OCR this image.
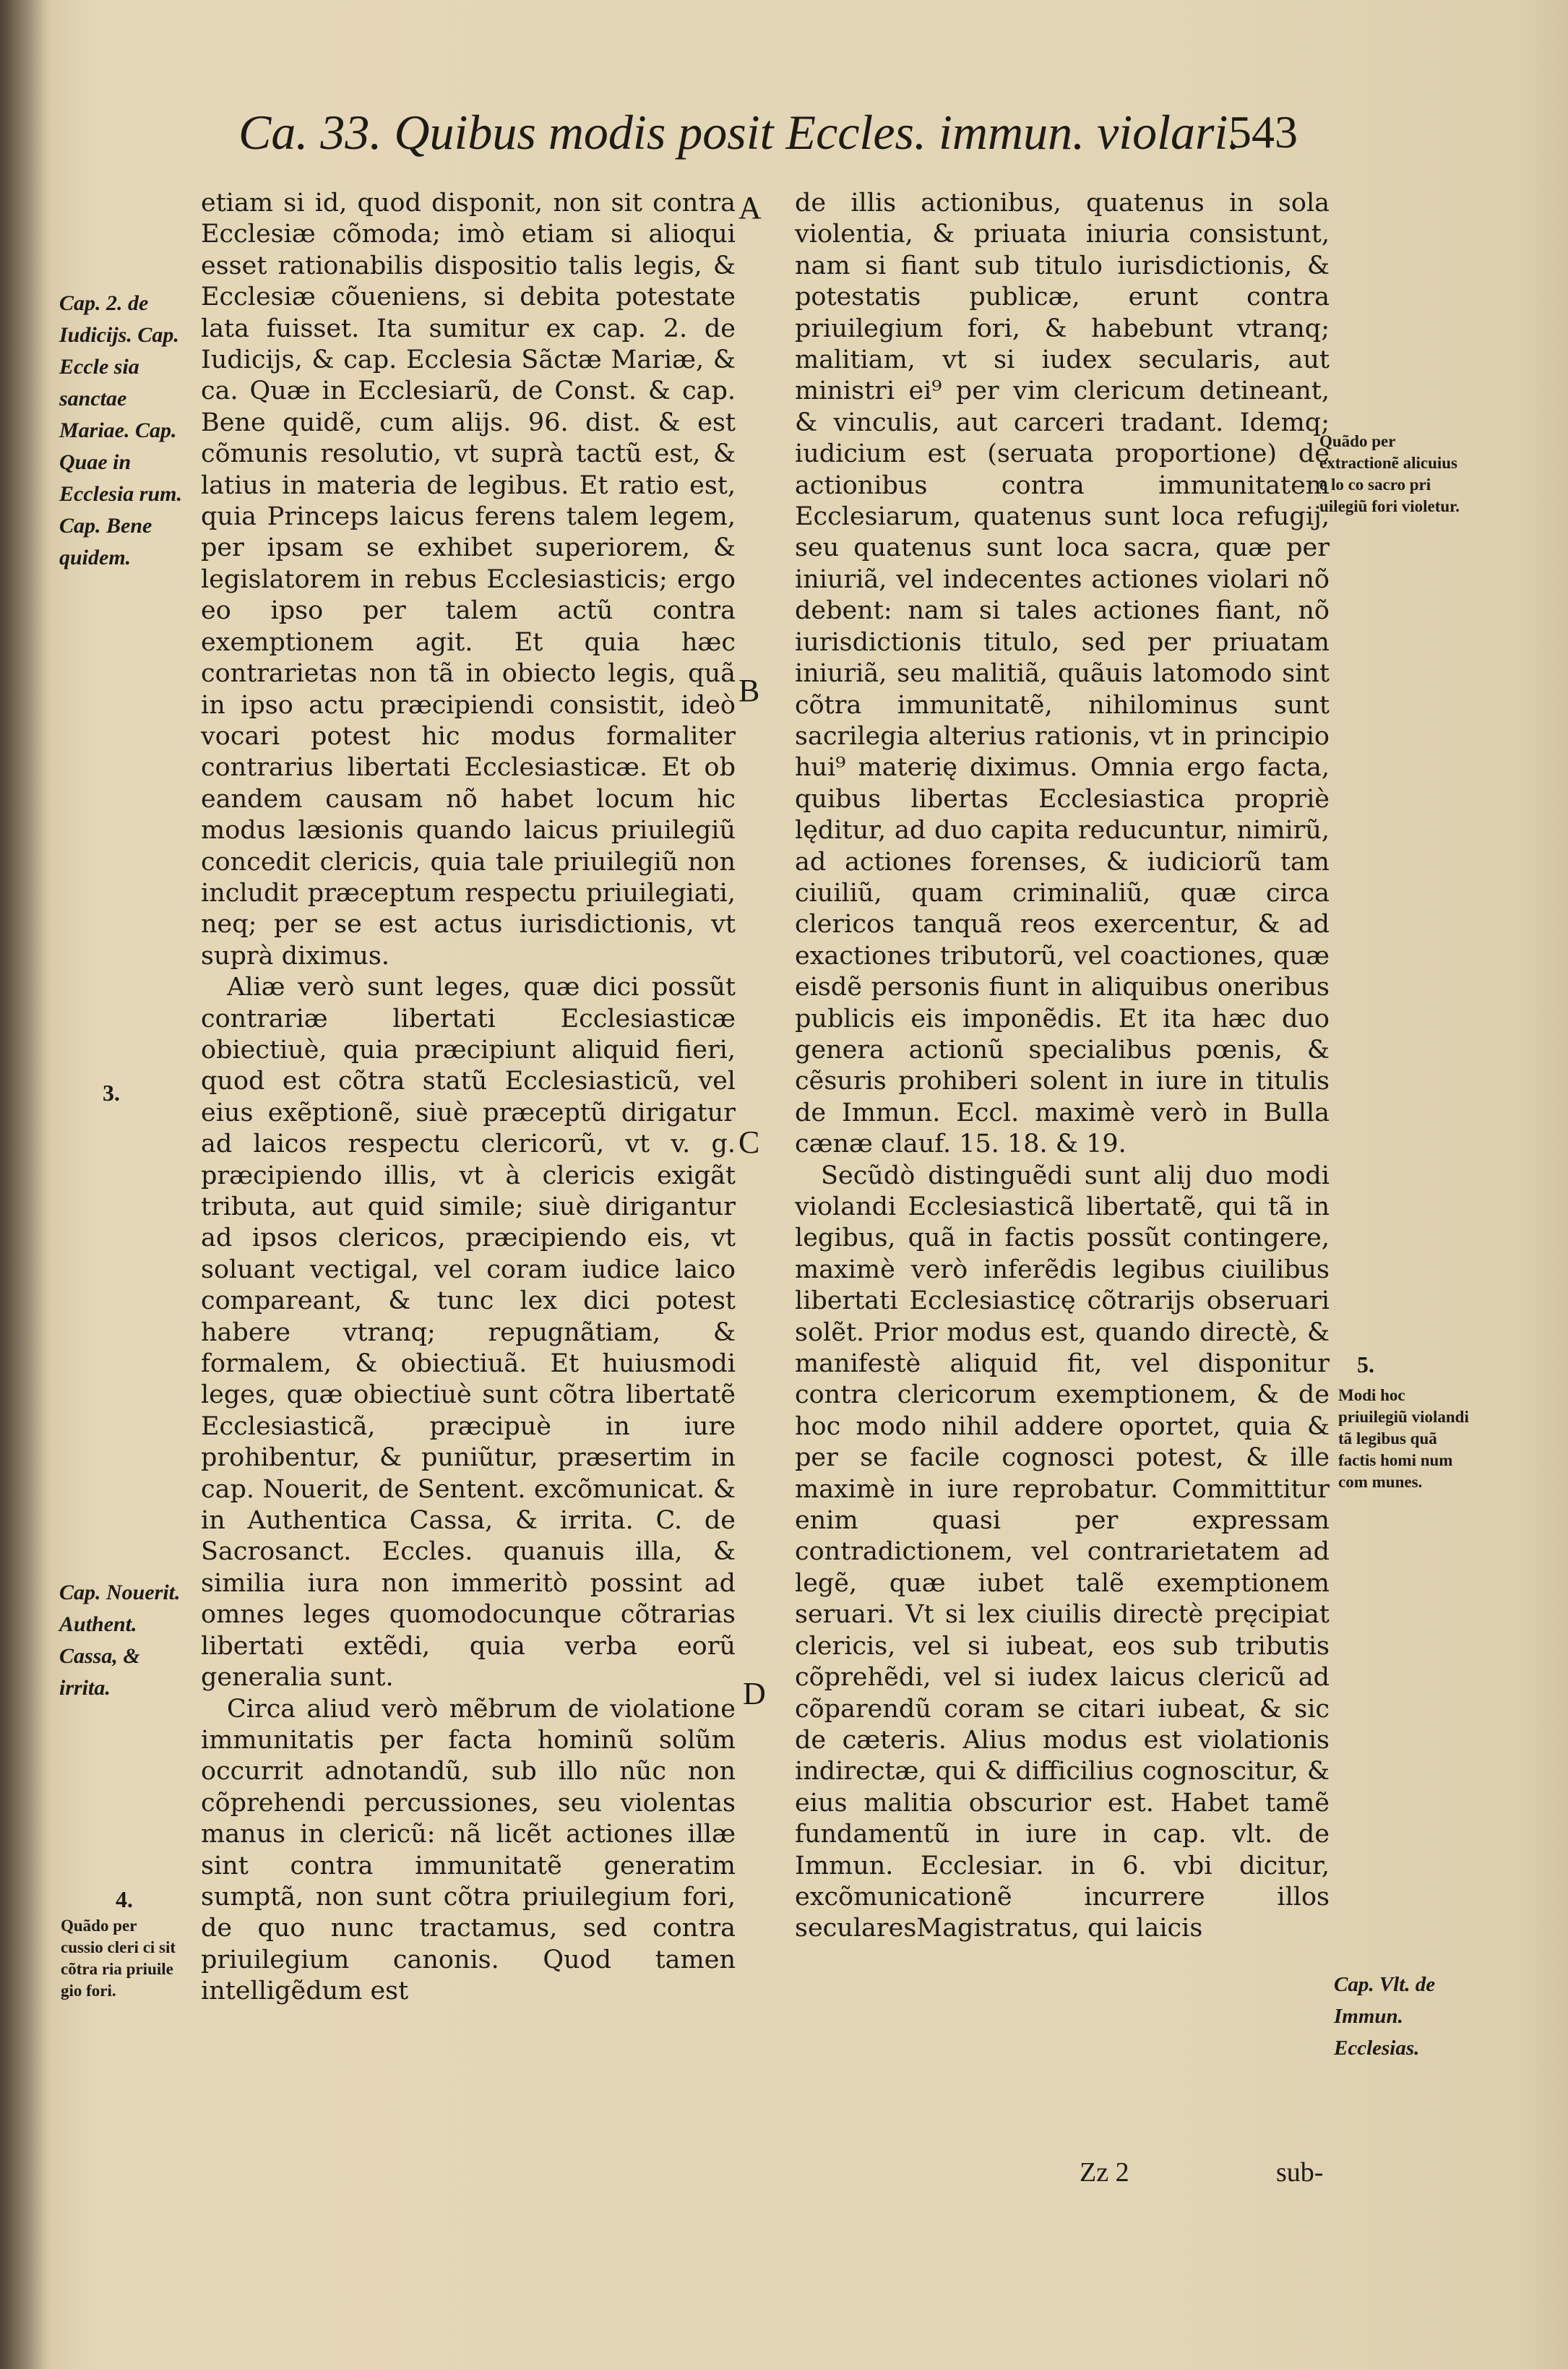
Ca. 33. Quibus modis posit Eccles. immun. violari.
543
A
B
C
D
Cap. 2. de Iudicijs. Cap. Eccle sia sanctae Mariae. Cap. Quae in Ecclesia rum. Cap. Bene quidem.
3.
Cap. Nouerit. Authent. Cassa, & irrita.
4.
Quãdo per cussio cleri ci sit cõtra ria priuile gio fori.

etiam si id, quod disponit, non sit contra Ecclesiæ cõmoda; imò etiam si alioqui esset rationabilis dispositio talis legis, & Ecclesiæ cõueniens, si debita potestate lata fuisset. Ita sumitur ex cap. 2. de Iudicijs, & cap. Ecclesia Sãctæ Mariæ, & ca. Quæ in Ecclesiarũ, de Const. & cap. Bene quidẽ, cum alijs. 96. dist. & est cõmunis resolutio, vt suprà tactũ est, & latius in materia de legibus. Et ratio est, quia Princeps laicus ferens talem legem, per ipsam se exhibet superiorem, & legislatorem in rebus Ecclesiasticis; ergo eo ipso per talem actũ contra exemptionem agit. Et quia hæc contrarietas non tã in obiecto legis, quã in ipso actu præcipiendi consistit, ideò vocari potest hic modus formaliter contrarius libertati Ecclesiasticæ. Et ob eandem causam nõ habet locum hic modus læsionis quando laicus priuilegiũ concedit clericis, quia tale priuilegiũ non includit præceptum respectu priuilegiati, neq; per se est actus iurisdictionis, vt suprà diximus.

Aliæ verò sunt leges, quæ dici possũt contrariæ libertati Ecclesiasticæ obiectiuè, quia præcipiunt aliquid fieri, quod est cõtra statũ Ecclesiasticũ, vel eius exẽptionẽ, siuè præceptũ dirigatur ad laicos respectu clericorũ, vt v. g. præcipiendo illis, vt à clericis exigãt tributa, aut quid simile; siuè dirigantur ad ipsos clericos, præcipiendo eis, vt soluant vectigal, vel coram iudice laico compareant, & tunc lex dici potest habere vtranq; repugnãtiam, & formalem, & obiectiuã. Et huiusmodi leges, quæ obiectiuè sunt cõtra libertatẽ Ecclesiasticã, præcipuè in iure prohibentur, & puniũtur, præsertim in cap. Nouerit, de Sentent. excõmunicat. & in Authentica Cassa, & irrita. C. de Sacrosanct. Eccles. quanuis illa, & similia iura non immeritò possint ad omnes leges quomodocunque cõtrarias libertati extẽdi, quia verba eorũ generalia sunt.

Circa aliud verò mẽbrum de violatione immunitatis per facta hominũ solũm occurrit adnotandũ, sub illo nũc non cõprehendi percussiones, seu violentas manus in clericũ: nã licẽt actiones illæ sint contra immunitatẽ generatim sumptã, non sunt cõtra priuilegium fori, de quo nunc tractamus, sed contra priuilegium canonis. Quod tamen intelligẽdum est

de illis actionibus, quatenus in sola violentia, & priuata iniuria consistunt, nam si fiant sub titulo iurisdictionis, & potestatis publicæ, erunt contra priuilegium fori, & habebunt vtranq; malitiam, vt si iudex secularis, aut ministri ei⁹ per vim clericum detineant, & vinculis, aut carceri tradant. Idemq; iudicium est (seruata proportione) de actionibus contra immunitatem Ecclesiarum, quatenus sunt loca refugij, seu quatenus sunt loca sacra, quæ per iniuriã, vel indecentes actiones violari nõ debent: nam si tales actiones fiant, nõ iurisdictionis titulo, sed per priuatam iniuriã, seu malitiã, quãuis latomodo sint cõtra immunitatẽ, nihilominus sunt sacrilegia alterius rationis, vt in principio hui⁹ materię diximus. Omnia ergo facta, quibus libertas Ecclesiastica propriè lęditur, ad duo capita reducuntur, nimirũ, ad actiones forenses, & iudiciorũ tam ciuiliũ, quam criminaliũ, quæ circa clericos tanquã reos exercentur, & ad exactiones tributorũ, vel coactiones, quæ eisdẽ personis fiunt in aliquibus oneribus publicis eis imponẽdis. Et ita hæc duo genera actionũ specialibus pœnis, & cẽsuris prohiberi solent in iure in titulis de Immun. Eccl. maximè verò in Bulla cænæ clauf. 15. 18. & 19.

Secũdò distinguẽdi sunt alij duo modi violandi Ecclesiasticã libertatẽ, qui tã in legibus, quã in factis possũt contingere, maximè verò inferẽdis legibus ciuilibus libertati Ecclesiasticę cõtrarijs obseruari solẽt. Prior modus est, quando directè, & manifestè aliquid fit, vel disponitur contra clericorum exemptionem, & de hoc modo nihil addere oportet, quia & per se facile cognosci potest, & ille maximè in iure reprobatur. Committitur enim quasi per expressam contradictionem, vel contrarietatem ad legẽ, quæ iubet talẽ exemptionem seruari. Vt si lex ciuilis directè pręcipiat clericis, vel si iubeat, eos sub tributis cõprehẽdi, vel si iudex laicus clericũ ad cõparendũ coram se citari iubeat, & sic de cæteris. Alius modus est violationis indirectæ, qui & difficilius cognoscitur, & eius malitia obscurior est. Habet tamẽ fundamentũ in iure in cap. vlt. de Immun. Ecclesiar. in 6. vbi dicitur, excõmunicationẽ incurrere illos secularesMagistratus, qui laicis

Quãdo per extractionẽ alicuius e lo co sacro pri uilegiũ fori violetur.
5.
Modi hoc priuilegiũ violandi tã legibus quã factis homi num com munes.
Cap. Vlt. de Immun. Ecclesias.
Zz 2	sub-
